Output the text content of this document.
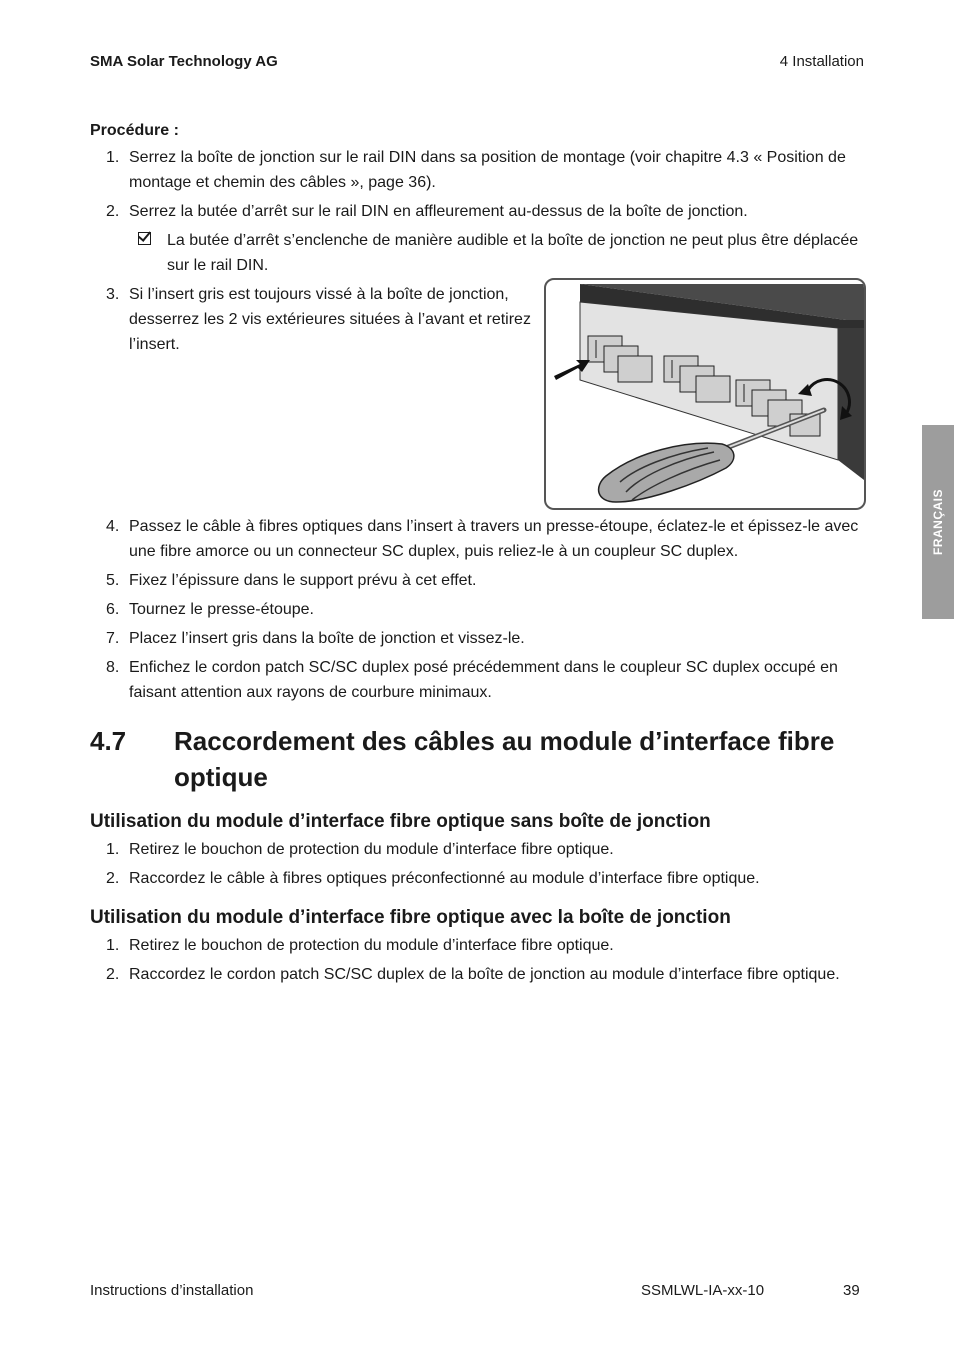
SMA Solar Technology AG	4 Installation
FRANÇAIS

Procédure :

1. Serrez la boîte de jonction sur le rail DIN dans sa position de montage (voir chapitre 4.3 « Position de montage et chemin des câbles », page 36).
2. Serrez la butée d’arrêt sur le rail DIN en affleurement au-dessus de la boîte de jonction.
La butée d’arrêt s’enclenche de manière audible et la boîte de jonction ne peut plus être déplacée sur le rail DIN.
3. Si l’insert gris est toujours vissé à la boîte de jonction, desserrez les 2 vis extérieures situées à l’avant et retirez l’insert.
4. Passez le câble à fibres optiques dans l’insert à travers un presse-étoupe, éclatez-le et épissez-le avec une fibre amorce ou un connecteur SC duplex, puis reliez-le à un coupleur SC duplex.
5. Fixez l’épissure dans le support prévu à cet effet.
6. Tournez le presse-étoupe.
7. Placez l’insert gris dans la boîte de jonction et vissez-le.
8. Enfichez le cordon patch SC/SC duplex posé précédemment dans le coupleur SC duplex occupé en faisant attention aux rayons de courbure minimaux.
4.7 Raccordement des câbles au module d’interface fibre optique
Utilisation du module d’interface fibre optique sans boîte de jonction
1. Retirez le bouchon de protection du module d’interface fibre optique.
2. Raccordez le câble à fibres optiques préconfectionné au module d’interface fibre optique.
Utilisation du module d’interface fibre optique avec la boîte de jonction
1. Retirez le bouchon de protection du module d’interface fibre optique.
2. Raccordez le cordon patch SC/SC duplex de la boîte de jonction au module d’interface fibre optique.
Instructions d’installation	SSMLWL-IA-xx-10	39
